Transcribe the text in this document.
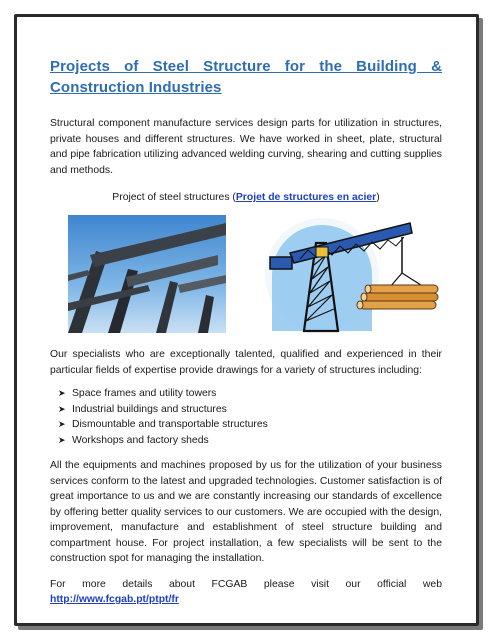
Projects of Steel Structure for the Building & Construction Industries

Structural component manufacture services design parts for utilization in structures, private houses and different structures. We have worked in sheet, plate, structural and pipe fabrication utilizing advanced welding curving, shearing and cutting supplies and methods.

Project of steel structures (Projet de structures en acier)

Our specialists who are exceptionally talented, qualified and experienced in their particular fields of expertise provide drawings for a variety of structures including:

➤ Space frames and utility towers
➤ Industrial buildings and structures
➤ Dismountable and transportable structures
➤ Workshops and factory sheds

All the equipments and machines proposed by us for the utilization of your business services conform to the latest and upgraded technologies. Customer satisfaction is of great importance to us and we are constantly increasing our standards of excellence by offering better quality services to our customers. We are occupied with the design, improvement, manufacture and establishment of steel structure building and compartment house. For project installation, a few specialists will be sent to the construction spot for managing the installation.

For more details about FCGAB please visit our official web http://www.fcgab.pt/ptpt/fr
